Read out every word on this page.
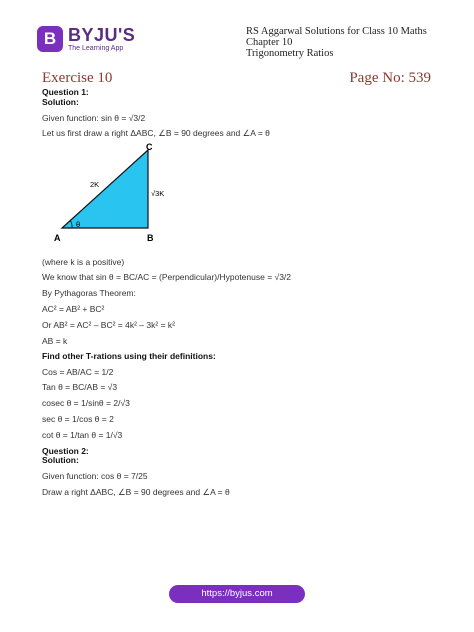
B BYJU'S
The Learning App
RS Aggarwal Solutions for Class 10 Maths Chapter 10
Trigonometry Ratios
Exercise 10	Page No: 539
Question 1:
Solution:
Given function: sin θ = √3/2
Let us first draw a right ΔABC, ∠B = 90 degrees and ∠A = θ
A	B
C
2K
√3K
θ
(where k is a positive)
We know that sin θ = BC/AC = (Perpendicular)/Hypotenuse = √3/2
By Pythagoras Theorem:
AC² = AB² + BC²
Or AB² = AC² – BC² = 4k² – 3k² = k²
AB = k
Find other T-rations using their definitions:
Cos = AB/AC = 1/2
Tan θ = BC/AB = √3
cosec θ = 1/sinθ = 2/√3
sec θ = 1/cos θ = 2
cot θ = 1/tan θ = 1/√3
Question 2:
Solution:
Given function: cos θ = 7/25
Draw a right ΔABC, ∠B = 90 degrees and ∠A = θ
https://byjus.com
